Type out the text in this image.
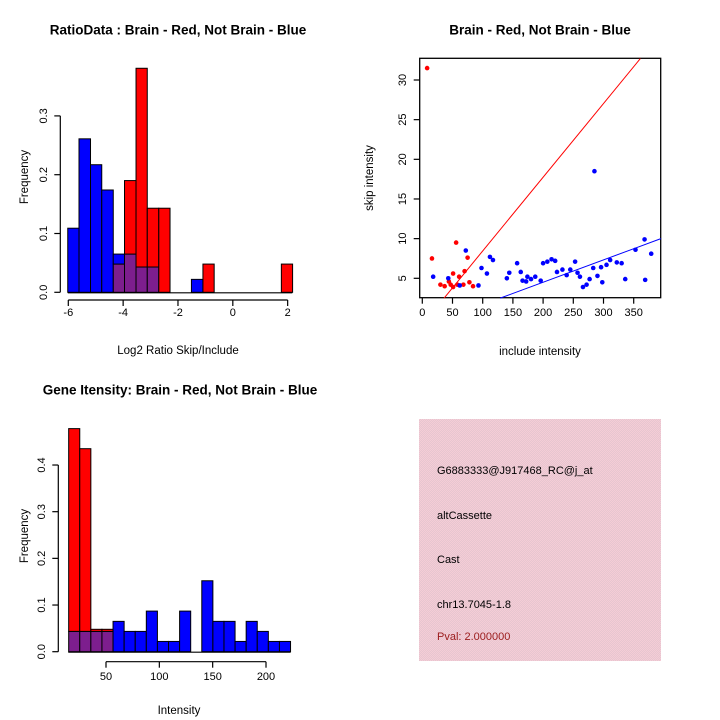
0.0
0.1
0.2
0.3
-6	-4	-2	0	2	0 50 100 150 200 250 300 350
5
10
15
20
25
30
0.0
0.1
0.2
0.3
0.4
50	100	150	200
RatioData : Brain - Red, Not Brain - Blue	Brain - Red, Not Brain - Blue
Gene Itensity: Brain - Red, Not Brain - Blue
Log2 Ratio Skip/Include	include intensity
Intensity
Frequency	skip intensity
Frequency
G6883333@J917468_RC@j_at
altCassette
Cast
chr13.7045-1.8
Pval: 2.000000
